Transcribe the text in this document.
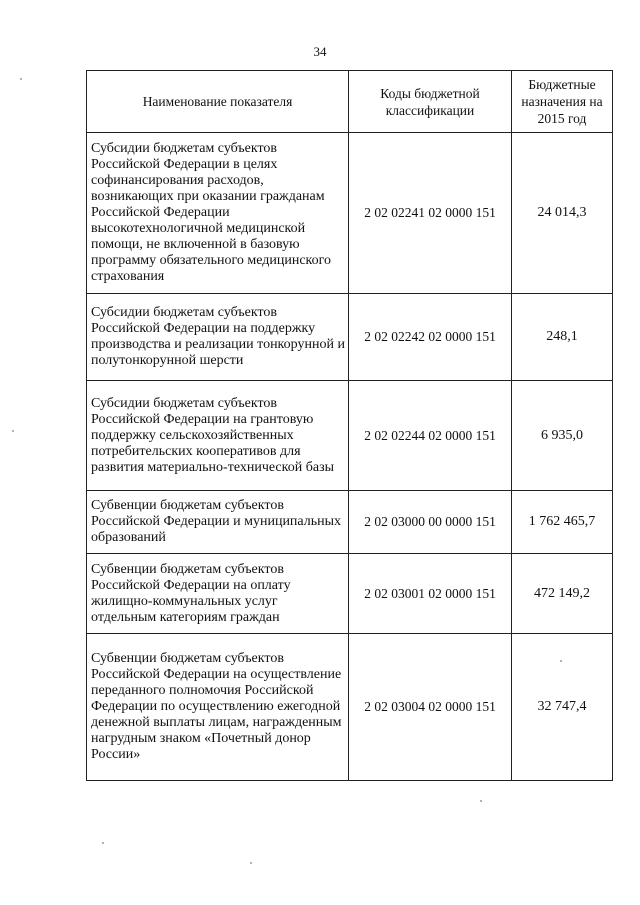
34
Наименование показателя	Коды бюджетной классификации	Бюджетные назначения на 2015 год
Субсидии бюджетам субъектов Российской Федерации в целях софинансирования расходов, возникающих при оказании гражданам Российской Федерации высокотехнологичной медицинской помощи, не включенной в базовую программу обязательного медицинского страхования	2 02 02241 02 0000 151	24 014,3
Субсидии бюджетам субъектов Российской Федерации на поддержку производства и реализации тонкорунной и полутонкорунной шерсти	2 02 02242 02 0000 151	248,1
Субсидии бюджетам субъектов Российской Федерации на грантовую поддержку сельскохозяйственных потребительских кооперативов для развития материально-технической базы	2 02 02244 02 0000 151	6 935,0
Субвенции бюджетам субъектов Российской Федерации и муниципальных образований	2 02 03000 00 0000 151	1 762 465,7
Субвенции бюджетам субъектов Российской Федерации на оплату жилищно-коммунальных услуг отдельным категориям граждан	2 02 03001 02 0000 151	472 149,2
Субвенции бюджетам субъектов Российской Федерации на осуществление переданного полномочия Российской Федерации по осуществлению ежегодной денежной выплаты лицам, награжденным нагрудным знаком «Почетный донор России»	2 02 03004 02 0000 151	32 747,4
